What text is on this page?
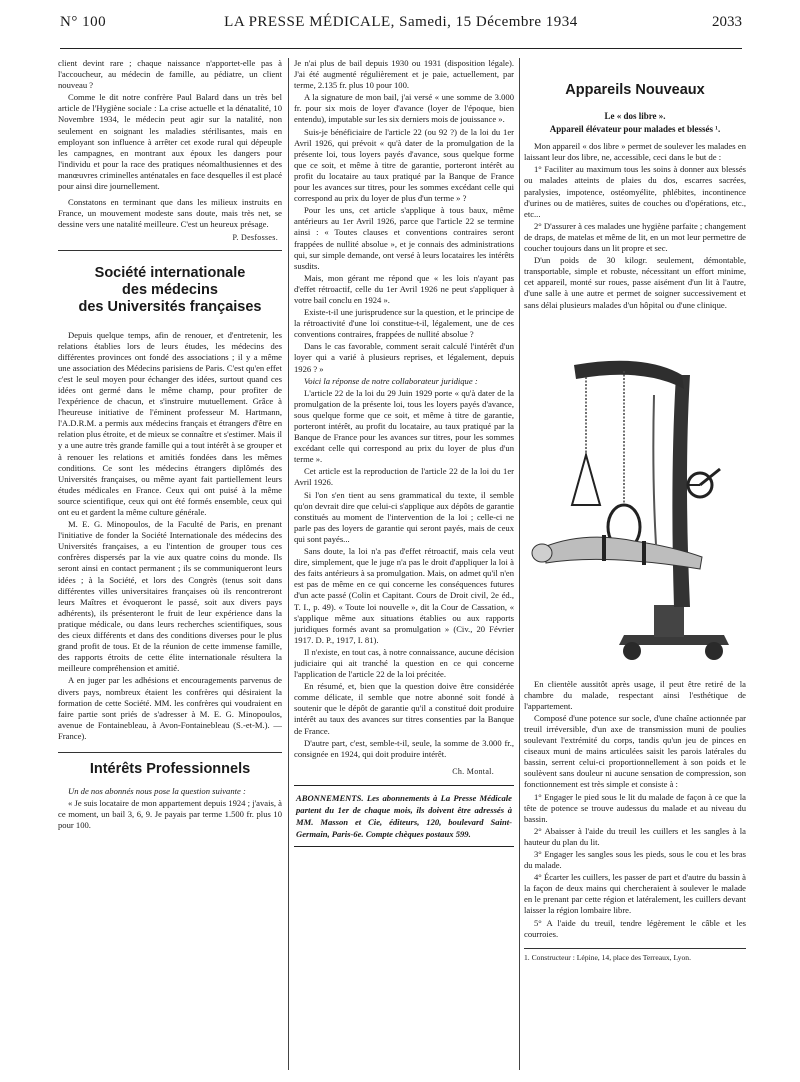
N° 100	LA PRESSE MÉDICALE, Samedi, 15 Décembre 1934	2033

client devint rare ; chaque naissance n'apportet-elle pas à l'accoucheur, au médecin de famille, au pédiatre, un client nouveau ?

Comme le dit notre confrère Paul Balard dans un très bel article de l'Hygiène sociale : La crise actuelle et la dénatalité, 10 Novembre 1934, le médecin peut agir sur la natalité, non seulement en soignant les maladies stérilisantes, mais en employant son influence à arrêter cet exode rural qui dépeuple les campagnes, en montrant aux époux les dangers pour l'individu et pour la race des pratiques néomalthusiennes et des manœuvres criminelles anténatales en face desquelles il est placé pour ainsi dire journellement.

Constatons en terminant que dans les milieux instruits en France, un mouvement modeste sans doute, mais très net, se dessine vers une natalité meilleure. C'est un heureux présage.

P. Desfosses.
Société internationale
des médecins
des Universités françaises

Depuis quelque temps, afin de renouer, et d'entretenir, les relations établies lors de leurs études, les médecins des différentes provinces ont fondé des associations ; il y a même une association des Médecins parisiens de Paris. C'est qu'en effet c'est le seul moyen pour échanger des idées, surtout quand ces idées ont germé dans le même champ, pour profiter de l'expérience de chacun, et s'instruire mutuellement. Grâce à l'heureuse initiative de l'éminent professeur M. Hartmann, l'A.D.R.M. a permis aux médecins français et étrangers d'être en relation plus étroite, et de mieux se connaître et s'estimer. Mais il y a une autre très grande famille qui a tout intérêt à se grouper et à renouer les relations et amitiés fondées dans les mêmes conditions. Ce sont les médecins étrangers diplômés des Universités françaises, ou même ayant fait partiellement leurs études médicales en France. Ceux qui ont puisé à la même source scientifique, ceux qui ont été formés ensemble, ceux qui ont eu et gardent la même culture générale.

M. E. G. Minopoulos, de la Faculté de Paris, en prenant l'initiative de fonder la Société Internationale des médecins des Universités françaises, a eu l'intention de grouper tous ces confrères dispersés par la vie aux quatre coins du monde. Ils seront ainsi en contact permanent ; ils se communiqueront leurs idées ; à la Société, et lors des Congrès (tenus soit dans différentes villes universitaires françaises où ils rencontreront leurs Maîtres et évoqueront le passé, soit aux divers pays adhérents), ils présenteront le fruit de leur expérience dans la pratique médicale, ou dans leurs recherches scientifiques, sous des cieux différents et dans des conditions diverses pour le plus grand profit de tous. Et de la réunion de cette immense famille, des rapports étroits de cette élite internationale résultera la meilleure compréhension et amitié.

A en juger par les adhésions et encouragements parvenus de divers pays, nombreux étaient les confrères qui désiraient la formation de cette Société. MM. les confrères qui voudraient en faire partie sont priés de s'adresser à M. E. G. Minopoulos, avenue de Fontainebleau, à Avon-Fontainebleau (S.-et-M.). — France).

Intérêts Professionnels

Un de nos abonnés nous pose la question suivante :

« Je suis locataire de mon appartement depuis 1924 ; j'avais, à ce moment, un bail 3, 6, 9. Je payais par terme 1.500 fr. plus 10 pour 100.

Je n'ai plus de bail depuis 1930 ou 1931 (disposition légale). J'ai été augmenté régulièrement et je paie, actuellement, par terme, 2.135 fr. plus 10 pour 100.

A la signature de mon bail, j'ai versé « une somme de 3.000 fr. pour six mois de loyer d'avance (loyer de l'époque, bien entendu), imputable sur les six derniers mois de jouissance ».

Suis-je bénéficiaire de l'article 22 (ou 92 ?) de la loi du 1er Avril 1926, qui prévoit « qu'à dater de la promulgation de la présente loi, tous loyers payés d'avance, sous quelque forme que ce soit, et même à titre de garantie, porteront intérêt au profit du locataire au taux pratiqué par la Banque de France pour les avances sur titres, pour les sommes excédant celle qui correspond au prix du loyer de plus d'un terme » ?

Pour les uns, cet article s'applique à tous baux, même antérieurs au 1er Avril 1926, parce que l'article 22 se termine ainsi : « Toutes clauses et conventions contraires seront frappées de nullité absolue », et je connais des administrations qui, sur simple demande, ont versé à leurs locataires les intérêts susdits.

Mais, mon gérant me répond que « les lois n'ayant pas d'effet rétroactif, celle du 1er Avril 1926 ne peut s'appliquer à votre bail conclu en 1924 ».

Existe-t-il une jurisprudence sur la question, et le principe de la rétroactivité d'une loi constitue-t-il, légalement, une de ces conventions contraires, frappées de nullité absolue ?

Dans le cas favorable, comment serait calculé l'intérêt d'un loyer qui a varié à plusieurs reprises, et légalement, depuis 1926 ? »

Voici la réponse de notre collaborateur juridique :

L'article 22 de la loi du 29 Juin 1929 porte « qu'à dater de la promulgation de la présente loi, tous les loyers payés d'avance, sous quelque forme que ce soit, et même à titre de garantie, porteront intérêt, au profit du locataire, au taux pratiqué par la Banque de France pour les avances sur titres, pour les sommes excédant celle qui correspond au prix du loyer de plus d'un terme ».

Cet article est la reproduction de l'article 22 de la loi du 1er Avril 1926.

Si l'on s'en tient au sens grammatical du texte, il semble qu'on devrait dire que celui-ci s'applique aux dépôts de garantie constitués au moment de l'intervention de la loi ; celle-ci ne parle pas des loyers de garantie qui seront payés, mais de ceux qui sont payés...

Sans doute, la loi n'a pas d'effet rétroactif, mais cela veut dire, simplement, que le juge n'a pas le droit d'appliquer la loi à des faits antérieurs à sa promulgation. Mais, on admet qu'il n'en est pas de même en ce qui concerne les conséquences futures d'un acte passé (Colin et Capitant. Cours de Droit civil, 2e éd., T. I., p. 49). « Toute loi nouvelle », dit la Cour de Cassation, « s'applique même aux situations établies ou aux rapports juridiques formés avant sa promulgation » (Civ., 20 Février 1917. D. P., 1917, I. 81).

Il n'existe, en tout cas, à notre connaissance, aucune décision judiciaire qui ait tranché la question en ce qui concerne l'application de l'article 22 de la loi précitée.

En résumé, et, bien que la question doive être considérée comme délicate, il semble que notre abonné soit fondé à soutenir que le dépôt de garantie qu'il a constitué doit produire intérêt au taux des avances sur titres consenties par la Banque de France.

D'autre part, c'est, semble-t-il, seule, la somme de 3.000 fr., consignée en 1924, qui doit produire intérêt.

Ch. Montal.
ABONNEMENTS. Les abonnements à La Presse Médicale partent du 1er de chaque mois, ils doivent être adressés à MM. Masson et Cie, éditeurs, 120, boulevard Saint-Germain, Paris-6e. Compte chèques postaux 599.
Appareils Nouveaux
Le « dos libre ».
Appareil élévateur pour malades et blessés ¹.

Mon appareil « dos libre » permet de soulever les malades en laissant leur dos libre, ne, accessible, ceci dans le but de :

1° Faciliter au maximum tous les soins à donner aux blessés ou malades atteints de plaies du dos, escarres sacrées, paralysies, impotence, ostéomyélite, phlébites, incontinence d'urines ou de matières, suites de couches ou d'opérations, etc., etc...

2° D'assurer à ces malades une hygiène parfaite ; changement de draps, de matelas et même de lit, en un mot leur permettre de coucher toujours dans un lit propre et sec.

D'un poids de 30 kilogr. seulement, démontable, transportable, simple et robuste, nécessitant un effort minime, cet appareil, monté sur roues, passe aisément d'un lit à l'autre, d'une salle à une autre et permet de soigner successivement et sans délai plusieurs malades d'un hôpital ou d'une clinique.

En clientèle aussitôt après usage, il peut être retiré de la chambre du malade, respectant ainsi l'esthétique de l'appartement.

Composé d'une potence sur socle, d'une chaîne actionnée par treuil irréversible, d'un axe de transmission muni de poulies soulevant l'extrémité du corps, tandis qu'un jeu de pinces en ciseaux muni de mains articulées saisit les parois latérales du bassin, serrent celui-ci proportionnellement à son poids et le soulèvent sans douleur ni aucune sensation de compression, son fonctionnement est très simple et consiste à :

1° Engager le pied sous le lit du malade de façon à ce que la tête de potence se trouve audessus du malade et au niveau du bassin.

2° Abaisser à l'aide du treuil les cuillers et les sangles à la hauteur du plan du lit.

3° Engager les sangles sous les pieds, sous le cou et les bras du malade.

4° Écarter les cuillers, les passer de part et d'autre du bassin à la façon de deux mains qui chercheraient à soulever le malade en le prenant par cette région et latéralement, les cuillers devant laisser la région lombaire libre.

5° A l'aide du treuil, tendre légèrement le câble et les courroies.

1. Constructeur : Lépine, 14, place des Terreaux, Lyon.
